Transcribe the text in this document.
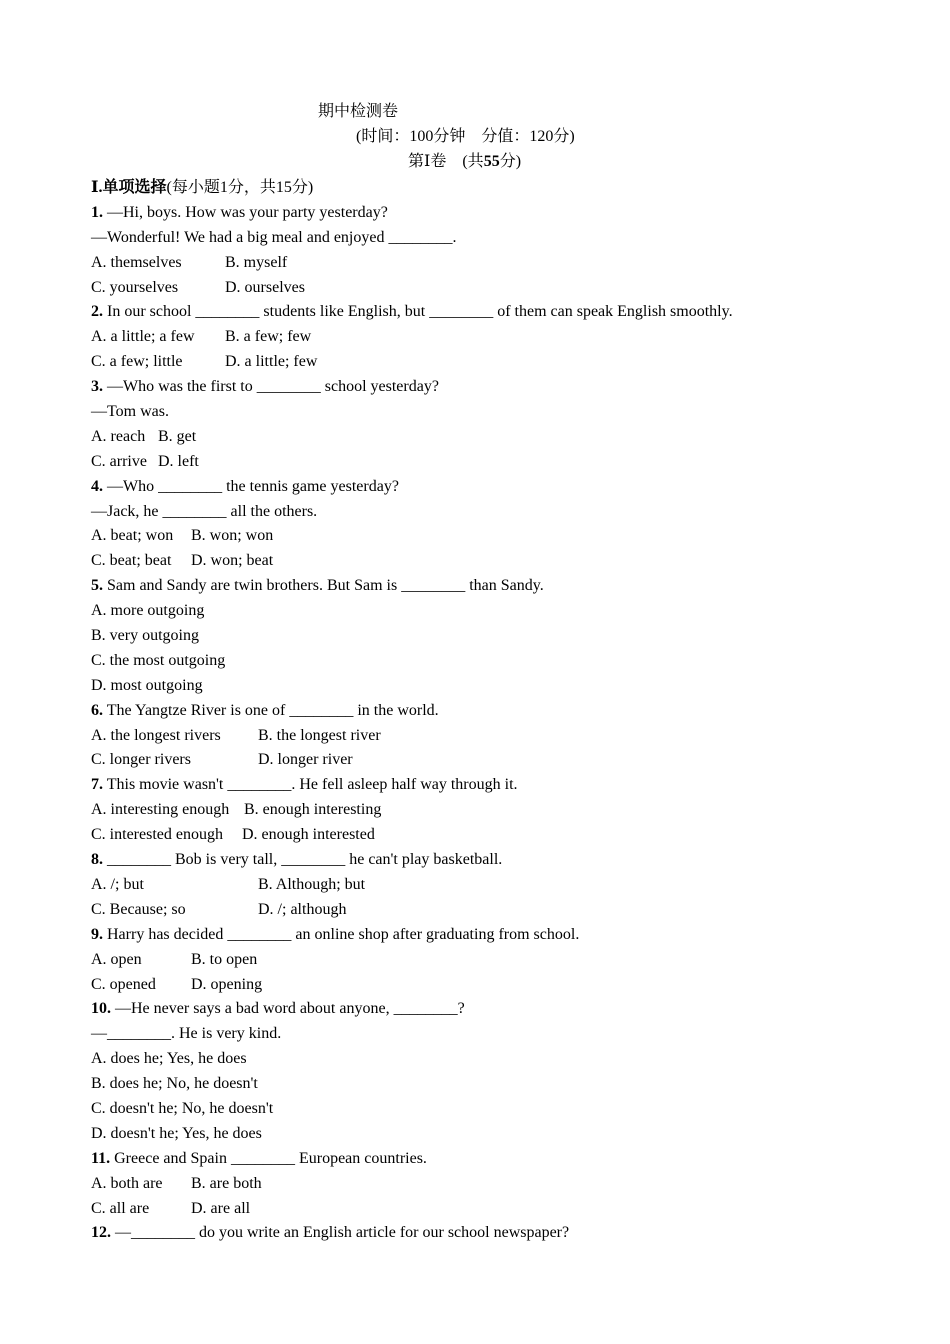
期中检测卷
(时间：100分钟　分值：120分)
第Ⅰ卷　 (共55分)
Ⅰ.单项选择(每小题1分，共15分)
1. —Hi, boys. How was your party yesterday?
—Wonderful! We had a big meal and enjoyed ________.
A. themselves	B. myself
C. yourselves	D. ourselves
2. In our school ________ students like English, but ________ of them can speak English smoothly.
A. a little; a few B. a few; few
C. a few; little	D. a little; few
3. —Who was the first to ________ school yesterday?
—Tom was.
A. reach B. get
C. arrive D. left
4. —Who ________ the tennis game yesterday?
—Jack, he ________ all the others.
A. beat; won B. won; won
C. beat; beat D. won; beat
5. Sam and Sandy are twin brothers. But Sam is ________ than Sandy.
A. more outgoing
B. very outgoing
C. the most outgoing
D. most outgoing
6. The Yangtze River is one of ________ in the world.
A. the longest rivers B. the longest river
C. longer rivers	D. longer river
7. This movie wasn't ________. He fell asleep half way through it.
A. interesting enough B. enough interesting
C. interested enough D. enough interested
8. ________ Bob is very tall, ________ he can't play basketball.
A. /; but	B. Although; but
C. Because; so	D. /; although
9. Harry has decided ________ an online shop after graduating from school.
A. open	B. to open
C. opened D. opening
10. —He never says a bad word about anyone, ________?
—________. He is very kind.
A. does he; Yes, he does
B. does he; No, he doesn't
C. doesn't he; No, he doesn't
D. doesn't he; Yes, he does
11. Greece and Spain ________ European countries.
A. both are B. are both
C. all are	D. are all
12. —________ do you write an English article for our school newspaper?
